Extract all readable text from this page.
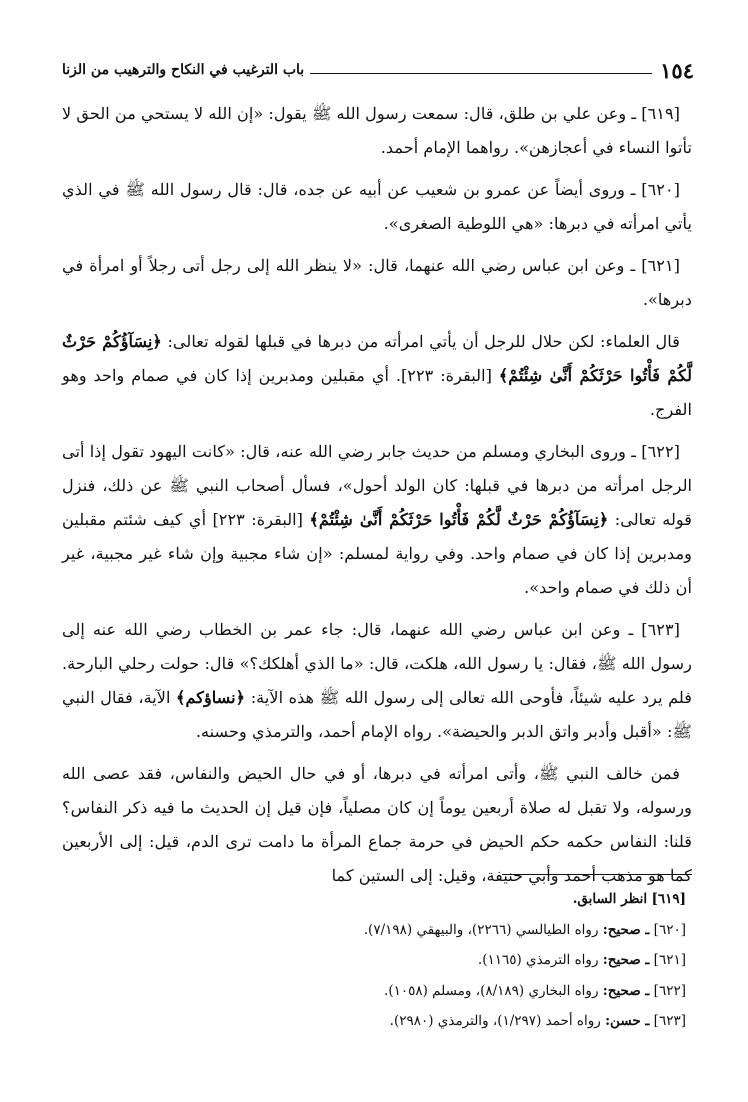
١٥٤
باب الترغيب في النكاح والترهيب من الزنا

[٦١٩] ـ وعن علي بن طلق، قال: سمعت رسول الله ﷺ يقول: «إن الله لا يستحي من الحق لا تأتوا النساء في أعجازهن». رواهما الإمام أحمد.

[٦٢٠] ـ وروى أيضاً عن عمرو بن شعيب عن أبيه عن جده، قال: قال رسول الله ﷺ في الذي يأتي امرأته في دبرها: «هي اللوطية الصغرى».

[٦٢١] ـ وعن ابن عباس رضي الله عنهما، قال: «لا ينظر الله إلى رجل أتى رجلاً أو امرأة في دبرها».

قال العلماء: لكن حلال للرجل أن يأتي امرأته من دبرها في قبلها لقوله تعالى: ﴿نِسَآؤُكُمْ حَرْثٌ لَّكُمْ فَأْتُوا حَرْثَكُمْ أَنَّىٰ شِئْتُمْ﴾ [البقرة: ٢٢٣]. أي مقبلين ومدبرين إذا كان في صمام واحد وهو الفرج.

[٦٢٢] ـ وروى البخاري ومسلم من حديث جابر رضي الله عنه، قال: «كانت اليهود تقول إذا أتى الرجل امرأته من دبرها في قبلها: كان الولد أحول»، فسأل أصحاب النبي ﷺ عن ذلك، فنزل قوله تعالى: ﴿نِسَآؤُكُمْ حَرْثٌ لَّكُمْ فَأْتُوا حَرْثَكُمْ أَنَّىٰ شِئْتُمْ﴾ [البقرة: ٢٢٣] أي كيف شئتم مقبلين ومدبرين إذا كان في صمام واحد. وفي رواية لمسلم: «إن شاء مجبية وإن شاء غير مجبية، غير أن ذلك في صمام واحد».

[٦٢٣] ـ وعن ابن عباس رضي الله عنهما، قال: جاء عمر بن الخطاب رضي الله عنه إلى رسول الله ﷺ، فقال: يا رسول الله، هلكت، قال: «ما الذي أهلكك؟» قال: حولت رحلي البارحة. فلم يرد عليه شيئاً، فأوحى الله تعالى إلى رسول الله ﷺ هذه الآية: ﴿نساؤكم﴾ الآية، فقال النبي ﷺ: «أقبل وأدبر واتق الدبر والحيضة». رواه الإمام أحمد، والترمذي وحسنه.

فمن خالف النبي ﷺ، وأتى امرأته في دبرها، أو في حال الحيض والنفاس، فقد عصى الله ورسوله، ولا تقبل له صلاة أربعين يوماً إن كان مصلياً، فإن قيل إن الحديث ما فيه ذكر النفاس؟ قلنا: النفاس حكمه حكم الحيض في حرمة جماع المرأة ما دامت ترى الدم، قيل: إلى الأربعين كما هو مذهب أحمد وأبي حنيفة، وقيل: إلى الستين كما

[٦١٩] انظر السابق.

[٦٢٠] ـ صحيح: رواه الطيالسي (٢٢٦٦)، والبيهقي (٧/١٩٨).

[٦٢١] ـ صحيح: رواه الترمذي (١١٦٥).

[٦٢٢] ـ صحيح: رواه البخاري (٨/١٨٩)، ومسلم (١٠٥٨).

[٦٢٣] ـ حسن: رواه أحمد (١/٢٩٧)، والترمذي (٢٩٨٠).
